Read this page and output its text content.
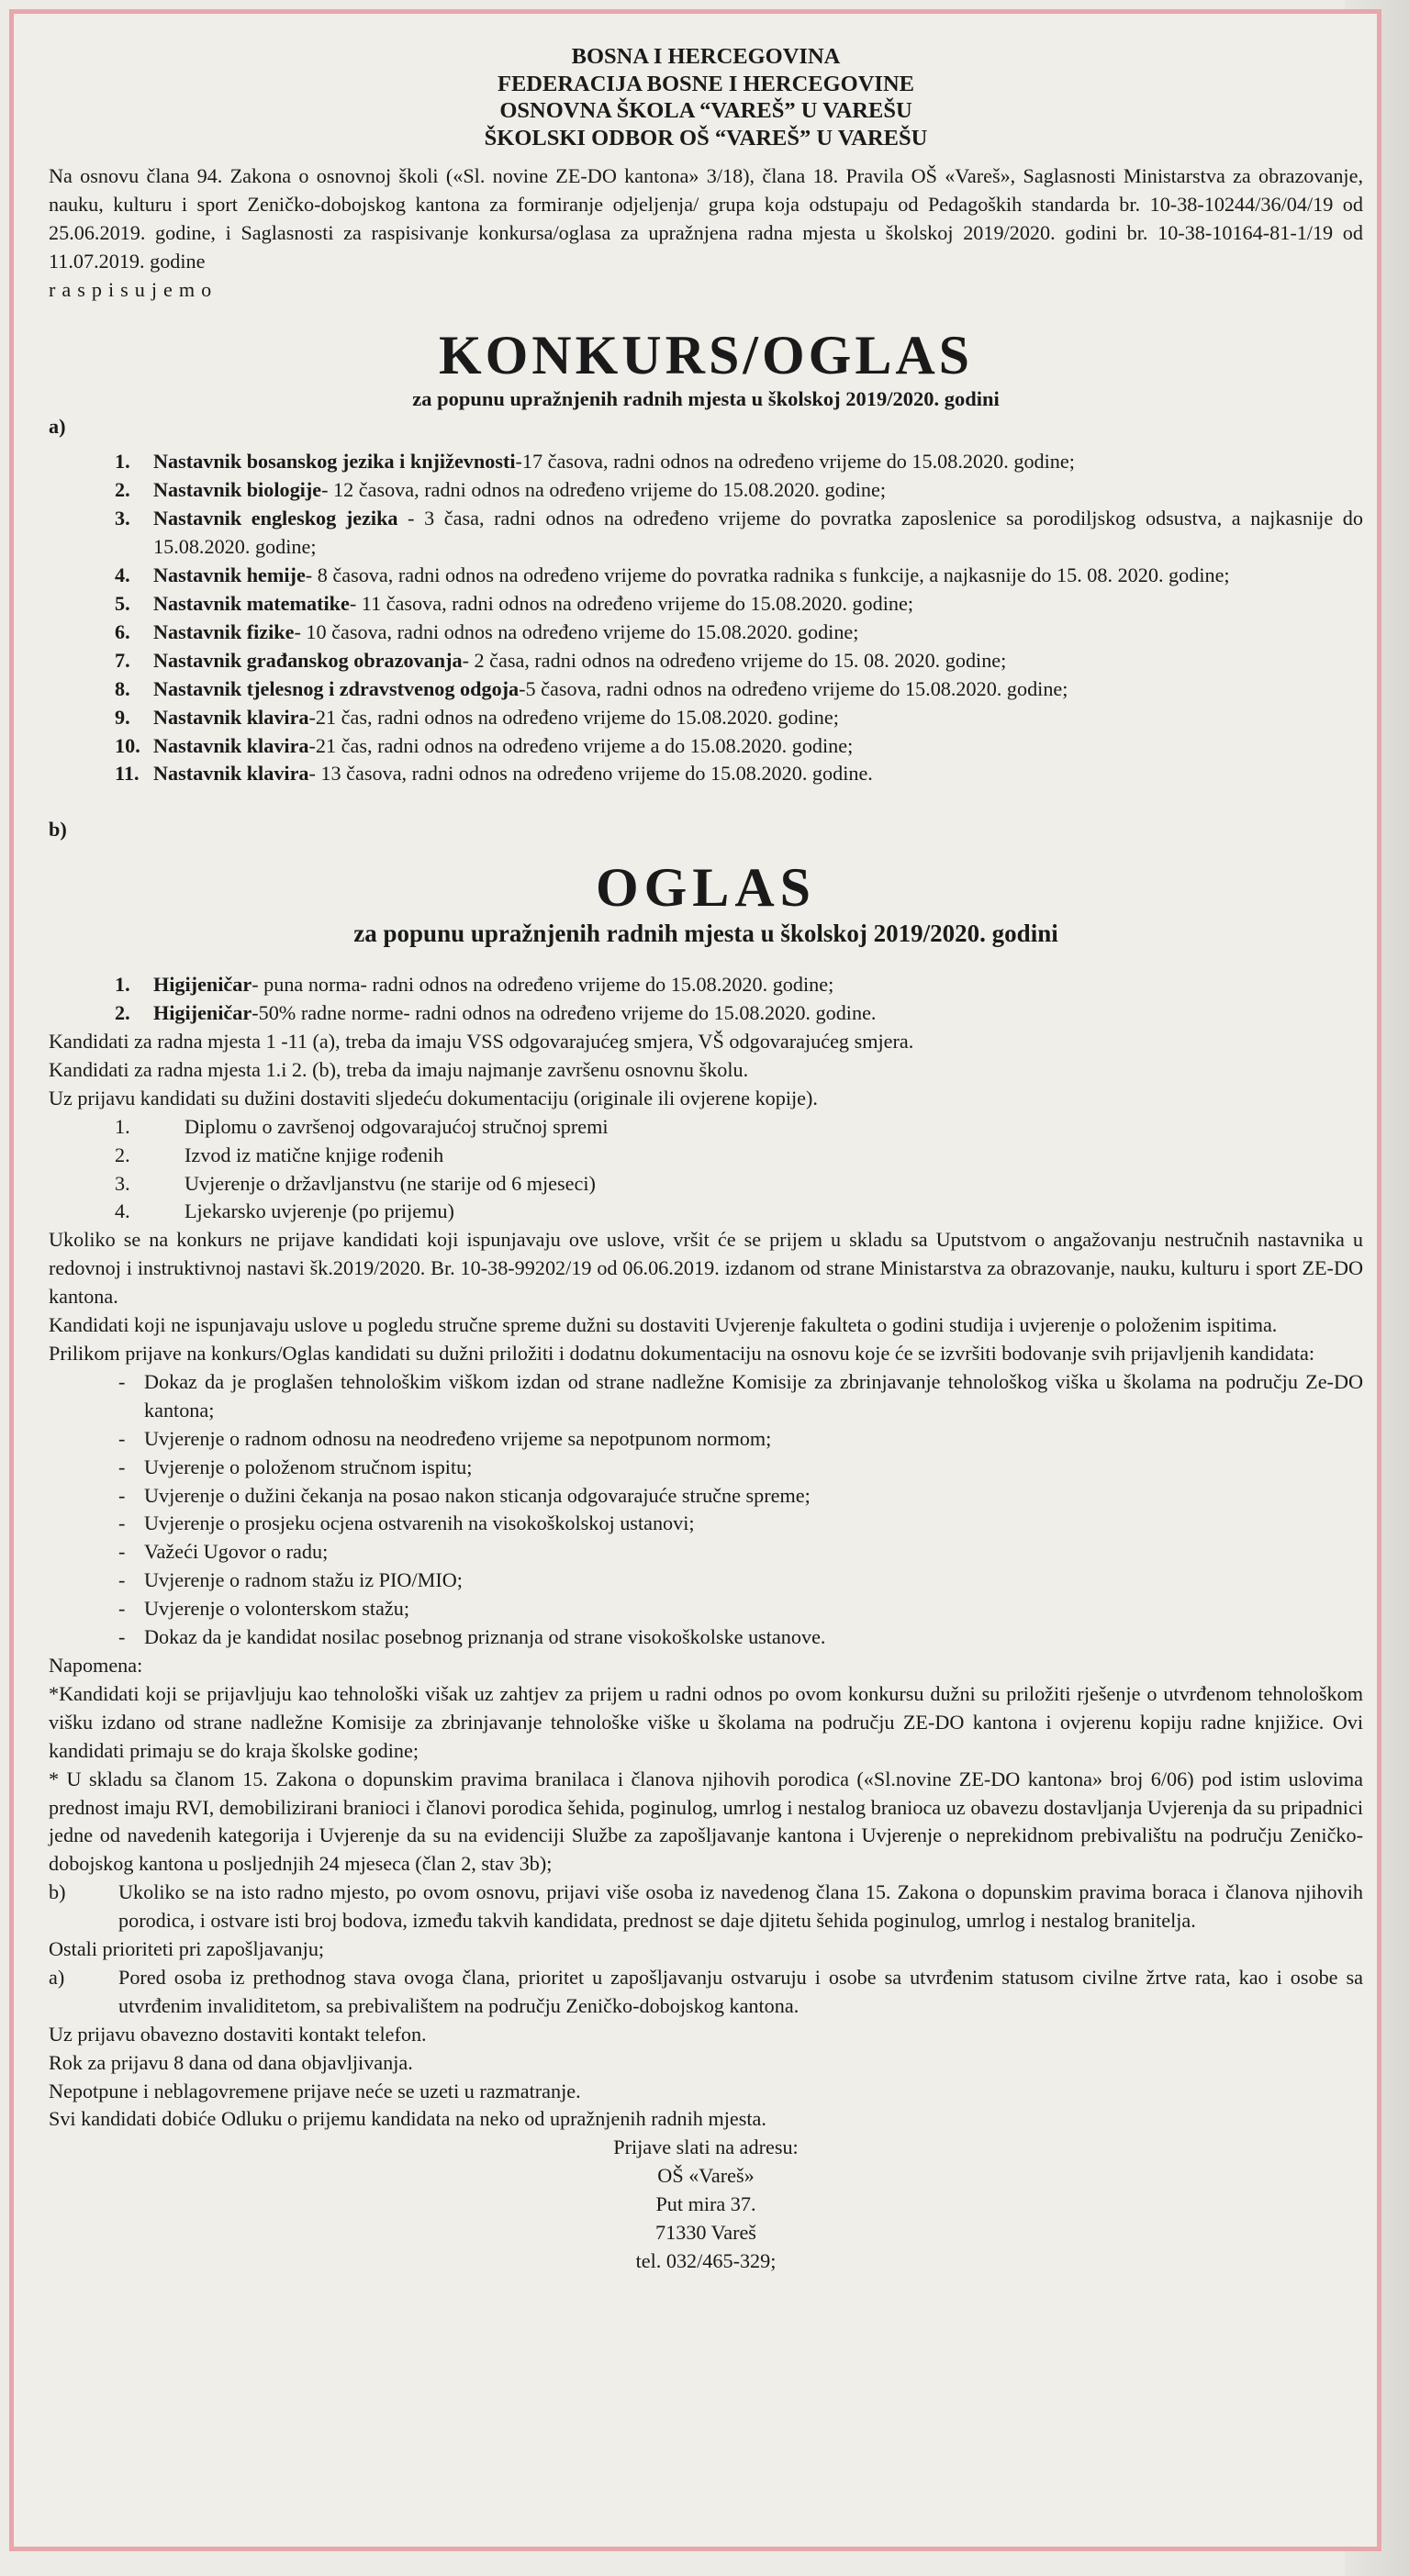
BOSNA I HERCEGOVINA
FEDERACIJA BOSNE I HERCEGOVINE
OSNOVNA ŠKOLA “VAREŠ” U VAREŠU
ŠKOLSKI ODBOR OŠ “VAREŠ” U VAREŠU

Na osnovu člana 94. Zakona o osnovnoj školi («Sl. novine ZE-DO kantona» 3/18), člana 18. Pravila OŠ «Vareš», Saglasnosti Ministarstva za obrazovanje, nauku, kulturu i sport Zeničko-dobojskog kantona za formiranje odjeljenja/ grupa koja odstupaju od Pedagoških standarda br. 10-38-10244/36/04/19 od 25.06.2019. godine, i Saglasnosti za raspisivanje konkursa/oglasa za upražnjena radna mjesta u školskoj 2019/2020. godini br. 10-38-10164-81-1/19 od 11.07.2019. godine

raspisujemo

KONKURS/OGLAS
za popunu upražnjenih radnih mjesta u školskoj 2019/2020. godini
a)
1.	Nastavnik bosanskog jezika i književnosti-17 časova, radni odnos na određeno vrijeme do 15.08.2020. godine;
2.	Nastavnik biologije- 12 časova, radni odnos na određeno vrijeme do 15.08.2020. godine;
3.	Nastavnik engleskog jezika - 3 časa, radni odnos na određeno vrijeme do povratka zaposlenice sa porodiljskog odsustva, a najkasnije do 15.08.2020. godine;
4.	Nastavnik hemije- 8 časova, radni odnos na određeno vrijeme do povratka radnika s funkcije, a najkasnije do 15. 08. 2020. godine;
5.	Nastavnik matematike- 11 časova, radni odnos na određeno vrijeme do 15.08.2020. godine;
6.	Nastavnik fizike- 10 časova, radni odnos na određeno vrijeme do 15.08.2020. godine;
7.	Nastavnik građanskog obrazovanja- 2 časa, radni odnos na određeno vrijeme do 15. 08. 2020. godine;
8.	Nastavnik tjelesnog i zdravstvenog odgoja-5 časova, radni odnos na određeno vrijeme do 15.08.2020. godine;
9.	Nastavnik klavira-21 čas, radni odnos na određeno vrijeme do 15.08.2020. godine;
10. Nastavnik klavira-21 čas, radni odnos na određeno vrijeme a do 15.08.2020. godine;
11. Nastavnik klavira- 13 časova, radni odnos na određeno vrijeme do 15.08.2020. godine.
b)
OGLAS
za popunu upražnjenih radnih mjesta u školskoj 2019/2020. godini
1.	Higijeničar- puna norma- radni odnos na određeno vrijeme do 15.08.2020. godine;
2.	Higijeničar-50% radne norme- radni odnos na određeno vrijeme do 15.08.2020. godine.

Kandidati za radna mjesta 1 -11 (a), treba da imaju VSS odgovarajućeg smjera, VŠ odgovarajućeg smjera.

Kandidati za radna mjesta 1.i 2. (b), treba da imaju najmanje završenu osnovnu školu.

Uz prijavu kandidati su dužini dostaviti sljedeću dokumentaciju (originale ili ovjerene kopije).

1.	Diplomu o završenoj odgovarajućoj stručnoj spremi
2.	Izvod iz matične knjige rođenih
3.	Uvjerenje o državljanstvu (ne starije od 6 mjeseci)
4.	Ljekarsko uvjerenje (po prijemu)

Ukoliko se na konkurs ne prijave kandidati koji ispunjavaju ove uslove, vršit će se prijem u skladu sa Uputstvom o angažovanju nestručnih nastavnika u redovnoj i instruktivnoj nastavi šk.2019/2020. Br. 10-38-99202/19 od 06.06.2019. izdanom od strane Ministarstva za obrazovanje, nauku, kulturu i sport ZE-DO kantona.

Kandidati koji ne ispunjavaju uslove u pogledu stručne spreme dužni su dostaviti Uvjerenje fakulteta o godini studija i uvjerenje o položenim ispitima.

Prilikom prijave na konkurs/Oglas kandidati su dužni priložiti i dodatnu dokumentaciju na osnovu koje će se izvršiti bodovanje svih prijavljenih kandidata:

- Dokaz da je proglašen tehnološkim viškom izdan od strane nadležne Komisije za zbrinjavanje tehnološkog viška u školama na području Ze-DO kantona;
- Uvjerenje o radnom odnosu na neodređeno vrijeme sa nepotpunom normom;
- Uvjerenje o položenom stručnom ispitu;
- Uvjerenje o dužini čekanja na posao nakon sticanja odgovarajuće stručne spreme;
- Uvjerenje o prosjeku ocjena ostvarenih na visokoškolskoj ustanovi;
- Važeći Ugovor o radu;
- Uvjerenje o radnom stažu iz PIO/MIO;
- Uvjerenje o volonterskom stažu;
- Dokaz da je kandidat nosilac posebnog priznanja od strane visokoškolske ustanove.

Napomena:

*Kandidati koji se prijavljuju kao tehnološki višak uz zahtjev za prijem u radni odnos po ovom konkursu dužni su priložiti rješenje o utvrđenom tehnološkom višku izdano od strane nadležne Komisije za zbrinjavanje tehnološke viške u školama na području ZE-DO kantona i ovjerenu kopiju radne knjižice. Ovi kandidati primaju se do kraja školske godine;

* U skladu sa članom 15. Zakona o dopunskim pravima branilaca i članova njihovih porodica («Sl.novine ZE-DO kantona» broj 6/06) pod istim uslovima prednost imaju RVI, demobilizirani branioci i članovi porodica šehida, poginulog, umrlog i nestalog branioca uz obavezu dostavljanja Uvjerenja da su pripadnici jedne od navedenih kategorija i Uvjerenje da su na evidenciji Službe za zapošljavanje kantona i Uvjerenje o neprekidnom prebivalištu na području Zeničko-dobojskog kantona u posljednjih 24 mjeseca (član 2, stav 3b);

b)	Ukoliko se na isto radno mjesto, po ovom osnovu, prijavi više osoba iz navedenog člana 15. Zakona o dopunskim pravima boraca i članova njihovih porodica, i ostvare isti broj bodova, između takvih kandidata, prednost se daje djitetu šehida poginulog, umrlog i nestalog branitelja.

Ostali prioriteti pri zapošljavanju;

a)	Pored osoba iz prethodnog stava ovoga člana, prioritet u zapošljavanju ostvaruju i osobe sa utvrđenim statusom civilne žrtve rata, kao i osobe sa utvrđenim invaliditetom, sa prebivalištem na području Zeničko-dobojskog kantona.

Uz prijavu obavezno dostaviti kontakt telefon.

Rok za prijavu 8 dana od dana objavljivanja.

Nepotpune i neblagovremene prijave neće se uzeti u razmatranje.

Svi kandidati dobiće Odluku o prijemu kandidata na neko od upražnjenih radnih mjesta.

Prijave slati na adresu:
OŠ «Vareš»
Put mira 37.
71330 Vareš
tel. 032/465-329;
